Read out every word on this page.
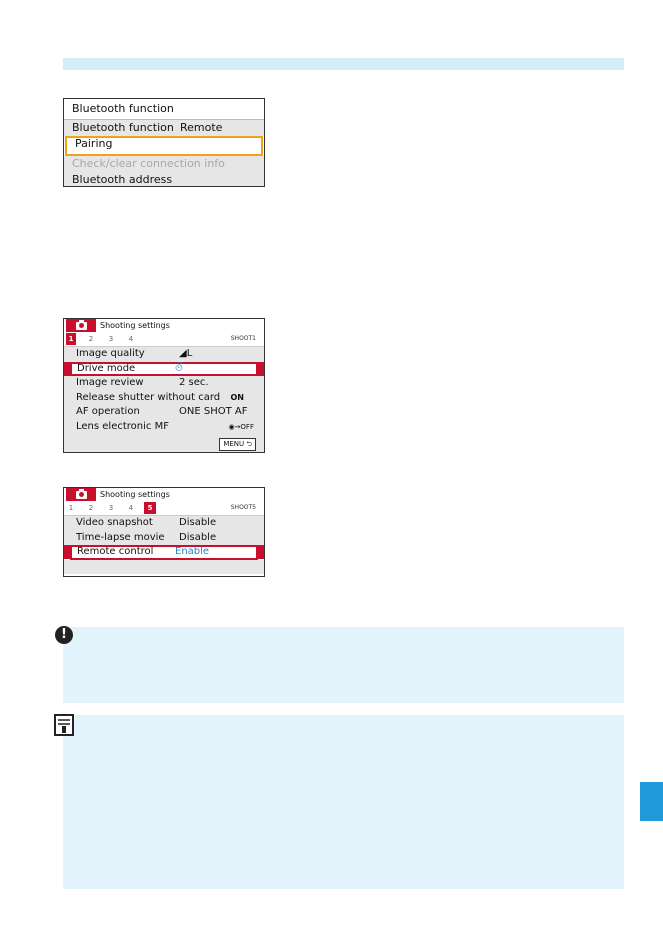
Bluetooth function
Bluetooth function Remote
Pairing
Check/clear connection info
Bluetooth address
Shooting settings
1	2	3	4	SHOOT1
Image quality	◢L
Drive mode	⏲̅
Image review	2 sec.
Release shutter without card ON
AF operation	ONE SHOT AF
Lens electronic MF	◉→OFF
MENU ⮌
Shooting settings
1	2	3	4	5	SHOOT5
Video snapshot	Disable
Time-lapse movie Disable
Remote control Enable
!
